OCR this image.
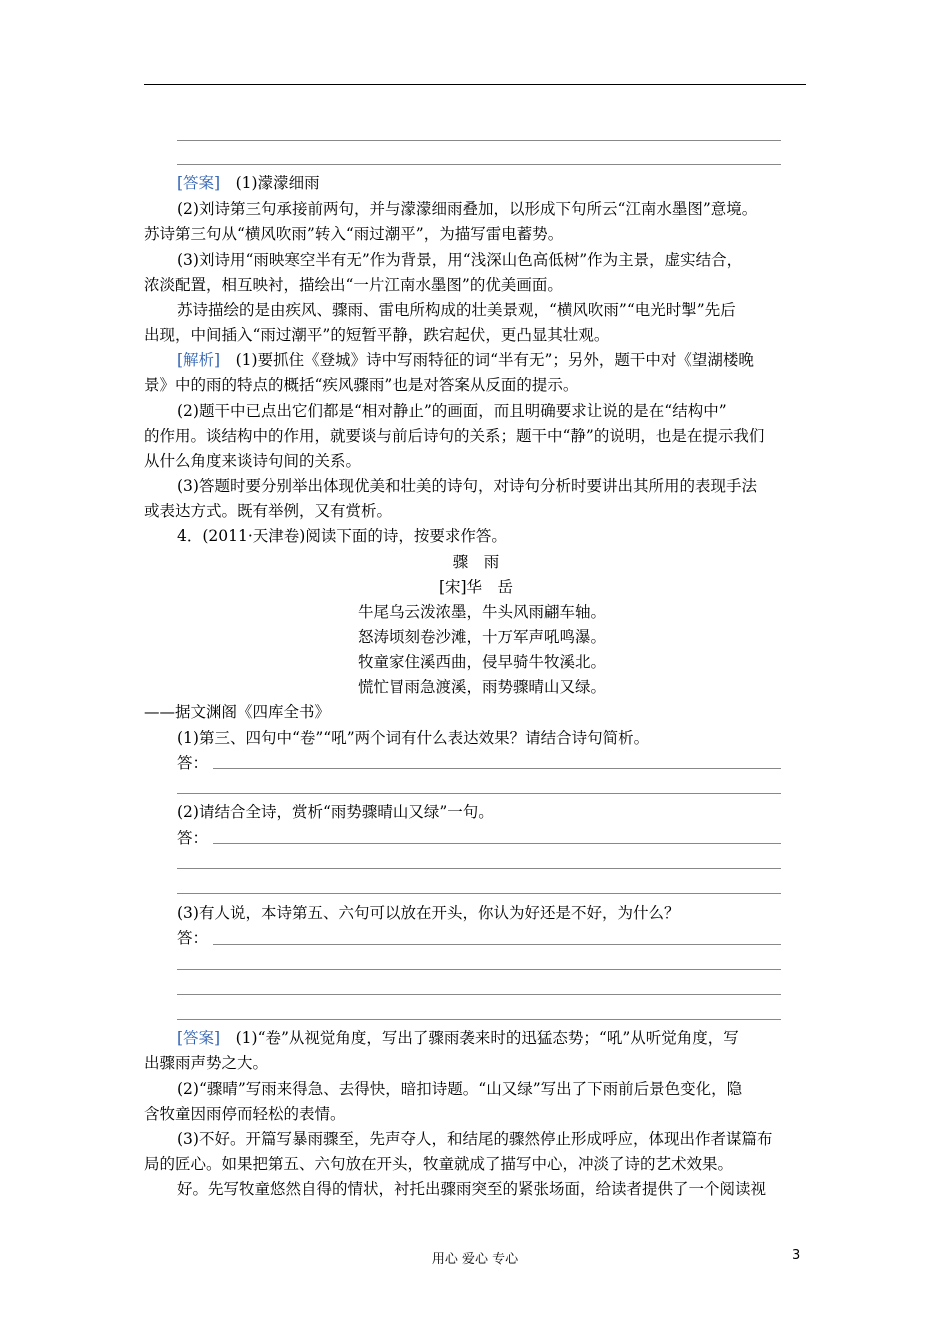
[答案]　 (1)濛濛细雨
(2)刘诗第三句承接前两句，并与濛濛细雨叠加，以形成下句所云“江南水墨图”意境。
苏诗第三句从“横风吹雨”转入“雨过潮平”，为描写雷电蓄势。
(3)刘诗用“雨映寒空半有无”作为背景，用“浅深山色高低树”作为主景，虚实结合，
浓淡配置，相互映衬，描绘出“一片江南水墨图”的优美画面。
苏诗描绘的是由疾风、骤雨、雷电所构成的壮美景观，“横风吹雨”“电光时掣”先后
出现，中间插入“雨过潮平”的短暂平静，跌宕起伏，更凸显其壮观。
[解析]　 (1)要抓住《登城》诗中写雨特征的词“半有无”；另外，题干中对《望湖楼晚
景》中的雨的特点的概括“疾风骤雨”也是对答案从反面的提示。
(2)题干中已点出它们都是“相对静止”的画面，而且明确要求让说的是在“结构中”
的作用。谈结构中的作用，就要谈与前后诗句的关系；题干中“静”的说明，也是在提示我们
从什么角度来谈诗句间的关系。
(3)答题时要分别举出体现优美和壮美的诗句，对诗句分析时要讲出其所用的表现手法
或表达方式。既有举例，又有赏析。
4．(2011·天津卷)阅读下面的诗，按要求作答。
骤　雨
[宋]华　岳
牛尾乌云泼浓墨，牛头风雨翩车轴。
怒涛顷刻卷沙滩，十万军声吼鸣瀑。
牧童家住溪西曲，侵早骑牛牧溪北。
慌忙冒雨急渡溪，雨势骤晴山又绿。
——据文渊阁《四库全书》
(1)第三、四句中“卷”“吼”两个词有什么表达效果？请结合诗句简析。
答：
(2)请结合全诗，赏析“雨势骤晴山又绿”一句。
答：
(3)有人说，本诗第五、六句可以放在开头，你认为好还是不好，为什么？
答：
[答案]　 (1)“卷”从视觉角度，写出了骤雨袭来时的迅猛态势；“吼”从听觉角度，写
出骤雨声势之大。
(2)“骤晴”写雨来得急、去得快，暗扣诗题。“山又绿”写出了下雨前后景色变化，隐
含牧童因雨停而轻松的表情。
(3)不好。开篇写暴雨骤至，先声夺人，和结尾的骤然停止形成呼应，体现出作者谋篇布
局的匠心。如果把第五、六句放在开头，牧童就成了描写中心，冲淡了诗的艺术效果。
好。先写牧童悠然自得的情状，衬托出骤雨突至的紧张场面，给读者提供了一个阅读视
用心 爱心 专心	3
